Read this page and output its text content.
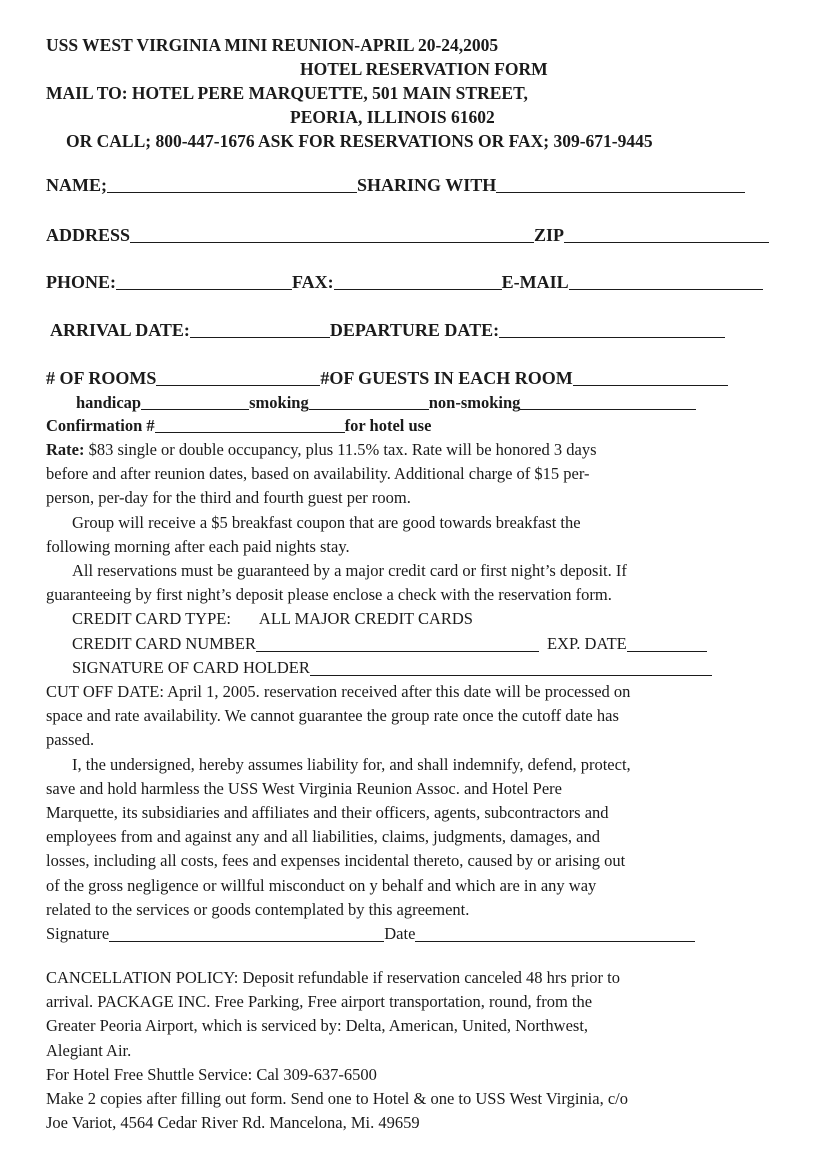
USS WEST VIRGINIA MINI REUNION-APRIL 20-24,2005
HOTEL RESERVATION FORM
MAIL TO: HOTEL PERE MARQUETTE, 501 MAIN STREET,
PEORIA, ILLINOIS 61602
OR CALL; 800-447-1676 ASK FOR RESERVATIONS OR FAX; 309-671-9445
NAME;	SHARING WITH
ADDRESS	ZIP
PHONE:	FAX:	E-MAIL
ARRIVAL DATE:	DEPARTURE DATE:
# OF ROOMS	#OF GUESTS IN EACH ROOM
handicap	smoking	non-smoking
Confirmation #	for hotel use

Rate: $83 single or double occupancy, plus 11.5% tax. Rate will be honored 3 days

before and after reunion dates, based on availability. Additional charge of $15 per-

person, per-day for the third and fourth guest per room.

Group will receive a $5 breakfast coupon that are good towards breakfast the

following morning after each paid nights stay.

All reservations must be guaranteed by a major credit card or first night’s deposit. If

guaranteeing by first night’s deposit please enclose a check with the reservation form.

CREDIT CARD TYPE: ALL MAJOR CREDIT CARDS
CREDIT CARD NUMBER	EXP. DATE
SIGNATURE OF CARD HOLDER

CUT OFF DATE: April 1, 2005. reservation received after this date will be processed on

space and rate availability. We cannot guarantee the group rate once the cutoff date has

passed.

I, the undersigned, hereby assumes liability for, and shall indemnify, defend, protect,

save and hold harmless the USS West Virginia Reunion Assoc. and Hotel Pere

Marquette, its subsidiaries and affiliates and their officers, agents, subcontractors and

employees from and against any and all liabilities, claims, judgments, damages, and

losses, including all costs, fees and expenses incidental thereto, caused by or arising out

of the gross negligence or willful misconduct on y behalf and which are in any way

related to the services or goods contemplated by this agreement.

Signature	Date

CANCELLATION POLICY: Deposit refundable if reservation canceled 48 hrs prior to

arrival. PACKAGE INC. Free Parking, Free airport transportation, round, from the

Greater Peoria Airport, which is serviced by: Delta, American, United, Northwest,

Alegiant Air.

For Hotel Free Shuttle Service: Cal 309-637-6500

Make 2 copies after filling out form. Send one to Hotel & one to USS West Virginia, c/o

Joe Variot, 4564 Cedar River Rd. Mancelona, Mi. 49659
